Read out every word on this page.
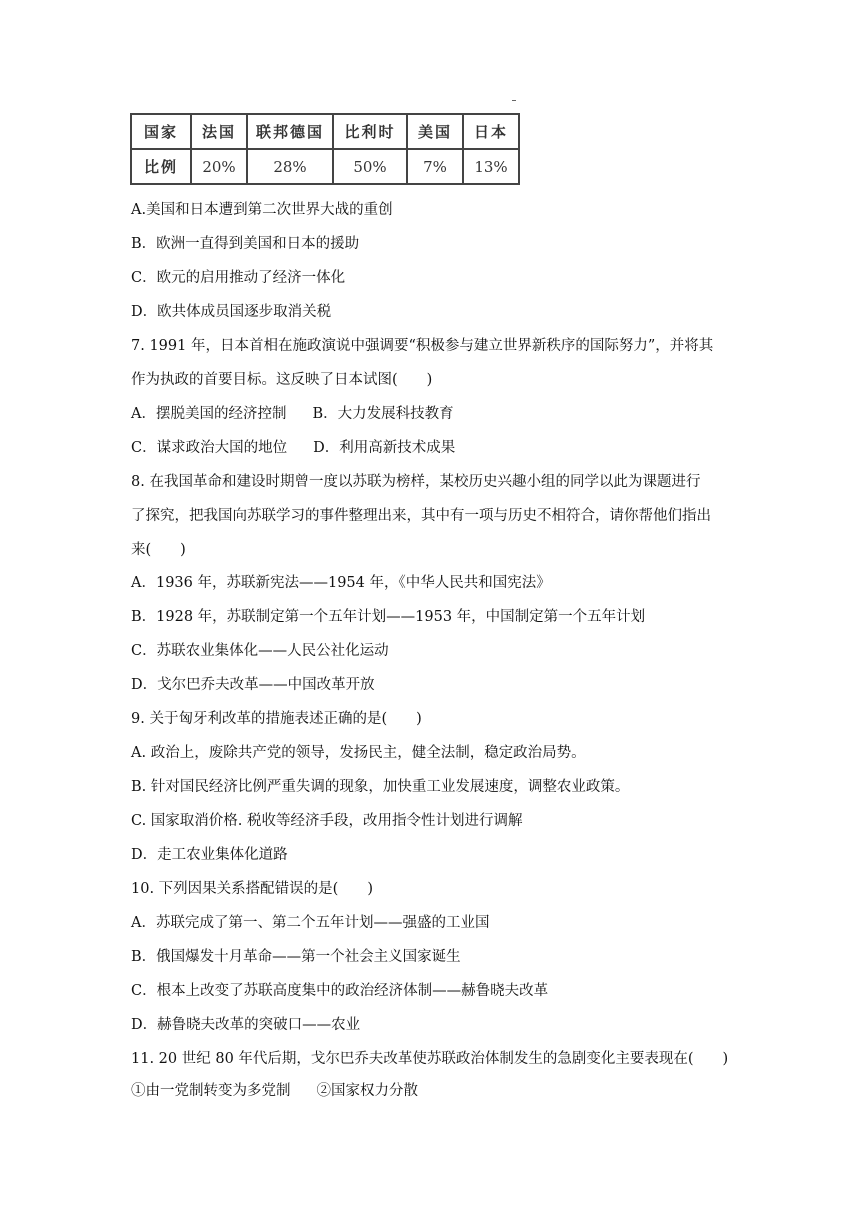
国家	法国	联邦德国	比利时	美国	日本
比例	20%	28%	50%	7%	13%
A.美国和日本遭到第二次世界大战的重创
B．欧洲一直得到美国和日本的援助
C．欧元的启用推动了经济一体化
D．欧共体成员国逐步取消关税
7. 1991 年，日本首相在施政演说中强调要“积极参与建立世界新秩序的国际努力”，并将其
作为执政的首要目标。这反映了日本试图(　　)
A．摆脱美国的经济控制 B．大力发展科技教育
C．谋求政治大国的地位 D．利用高新技术成果
8. 在我国革命和建设时期曾一度以苏联为榜样，某校历史兴趣小组的同学以此为课题进行
了探究，把我国向苏联学习的事件整理出来，其中有一项与历史不相符合，请你帮他们指出
来(　　)
A．1936 年，苏联新宪法——1954 年，《中华人民共和国宪法》
B．1928 年，苏联制定第一个五年计划——1953 年，中国制定第一个五年计划
C．苏联农业集体化——人民公社化运动
D．戈尔巴乔夫改革——中国改革开放
9. 关于匈牙利改革的措施表述正确的是(　　)
A. 政治上，废除共产党的领导，发扬民主，健全法制，稳定政治局势。
B. 针对国民经济比例严重失调的现象，加快重工业发展速度，调整农业政策。
C. 国家取消价格. 税收等经济手段，改用指令性计划进行调解
D．走工农业集体化道路
10. 下列因果关系搭配错误的是(　　)
A．苏联完成了第一、第二个五年计划——强盛的工业国
B．俄国爆发十月革命——第一个社会主义国家诞生
C．根本上改变了苏联高度集中的政治经济体制——赫鲁晓夫改革
D．赫鲁晓夫改革的突破口——农业
11. 20 世纪 80 年代后期，戈尔巴乔夫改革使苏联政治体制发生的急剧变化主要表现在(　　)
①由一党制转变为多党制 ②国家权力分散
